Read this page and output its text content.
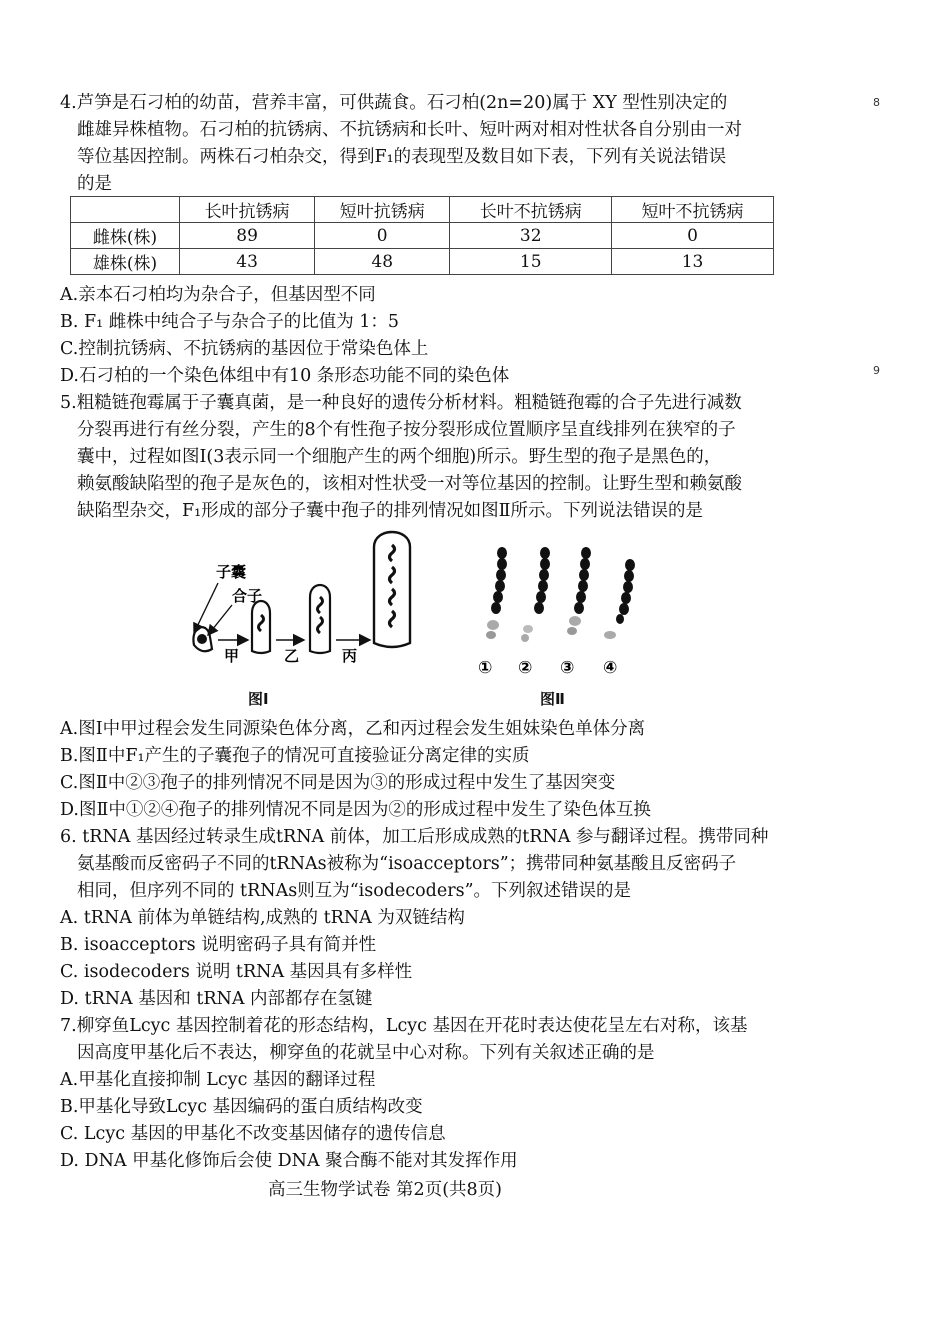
8
9
4.芦笋是石刁柏的幼苗，营养丰富，可供蔬食。石刁柏(2n=20)属于 XY 型性别决定的
雌雄异株植物。石刁柏的抗锈病、不抗锈病和长叶、短叶两对相对性状各自分别由一对
等位基因控制。两株石刁柏杂交，得到F₁的表现型及数目如下表，下列有关说法错误
的是
	长叶抗锈病	短叶抗锈病	长叶不抗锈病	短叶不抗锈病
雌株(株)	89	0	32	0
雄株(株)	43	48	15	13
A.亲本石刁柏均为杂合子，但基因型不同
B. F₁ 雌株中纯合子与杂合子的比值为 1：5
C.控制抗锈病、不抗锈病的基因位于常染色体上
D.石刁柏的一个染色体组中有10 条形态功能不同的染色体
5.粗糙链孢霉属于子囊真菌，是一种良好的遗传分析材料。粗糙链孢霉的合子先进行减数
分裂再进行有丝分裂，产生的8个有性孢子按分裂形成位置顺序呈直线排列在狭窄的子
囊中，过程如图Ⅰ(3表示同一个细胞产生的两个细胞)所示。野生型的孢子是黑色的，
赖氨酸缺陷型的孢子是灰色的，该相对性状受一对等位基因的控制。让野生型和赖氨酸
缺陷型杂交，F₁形成的部分子囊中孢子的排列情况如图Ⅱ所示。下列说法错误的是
子囊
合子
甲	乙	丙
图Ⅰ
① ② ③ ④
图Ⅱ
A.图Ⅰ中甲过程会发生同源染色体分离，乙和丙过程会发生姐妹染色单体分离
B.图Ⅱ中F₁产生的子囊孢子的情况可直接验证分离定律的实质
C.图Ⅱ中②③孢子的排列情况不同是因为③的形成过程中发生了基因突变
D.图Ⅱ中①②④孢子的排列情况不同是因为②的形成过程中发生了染色体互换
6. tRNA 基因经过转录生成tRNA 前体，加工后形成成熟的tRNA 参与翻译过程。携带同种
氨基酸而反密码子不同的tRNAs被称为“isoacceptors”；携带同种氨基酸且反密码子
相同，但序列不同的 tRNAs则互为“isodecoders”。下列叙述错误的是
A. tRNA 前体为单链结构,成熟的 tRNA 为双链结构
B. isoacceptors 说明密码子具有简并性
C. isodecoders 说明 tRNA 基因具有多样性
D. tRNA 基因和 tRNA 内部都存在氢键
7.柳穿鱼Lcyc 基因控制着花的形态结构，Lcyc 基因在开花时表达使花呈左右对称，该基
因高度甲基化后不表达，柳穿鱼的花就呈中心对称。下列有关叙述正确的是
A.甲基化直接抑制 Lcyc 基因的翻译过程
B.甲基化导致Lcyc 基因编码的蛋白质结构改变
C. Lcyc 基因的甲基化不改变基因储存的遗传信息
D. DNA 甲基化修饰后会使 DNA 聚合酶不能对其发挥作用
高三生物学试卷 第2页(共8页)
